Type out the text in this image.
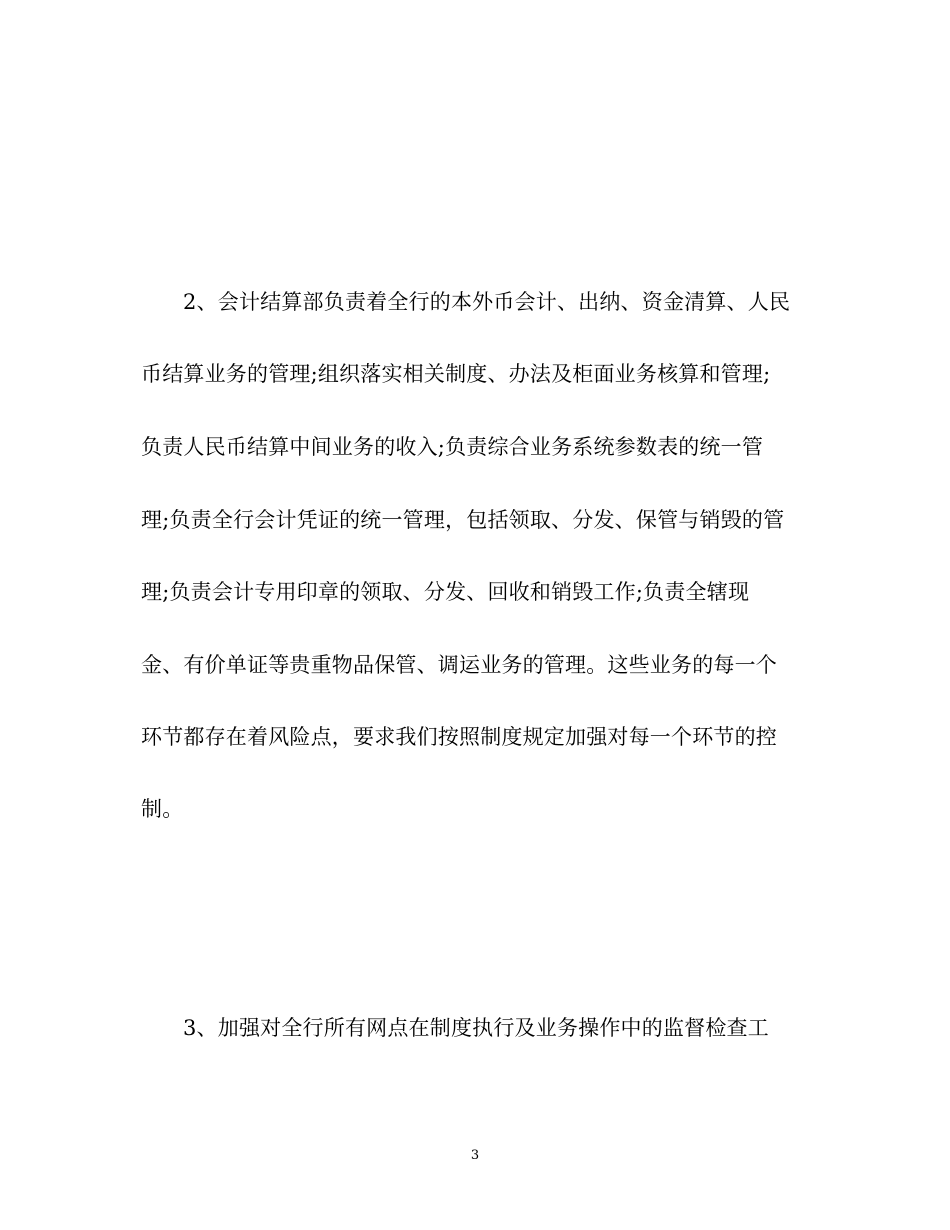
2、会计结算部负责着全行的本外币会计、出纳、资金清算、人民
币结算业务的管理;组织落实相关制度、办法及柜面业务核算和管理;
负责人民币结算中间业务的收入;负责综合业务系统参数表的统一管
理;负责全行会计凭证的统一管理，包括领取、分发、保管与销毁的管
理;负责会计专用印章的领取、分发、回收和销毁工作;负责全辖现
金、有价单证等贵重物品保管、调运业务的管理。这些业务的每一个
环节都存在着风险点，要求我们按照制度规定加强对每一个环节的控
制。
3、加强对全行所有网点在制度执行及业务操作中的监督检查工
3
